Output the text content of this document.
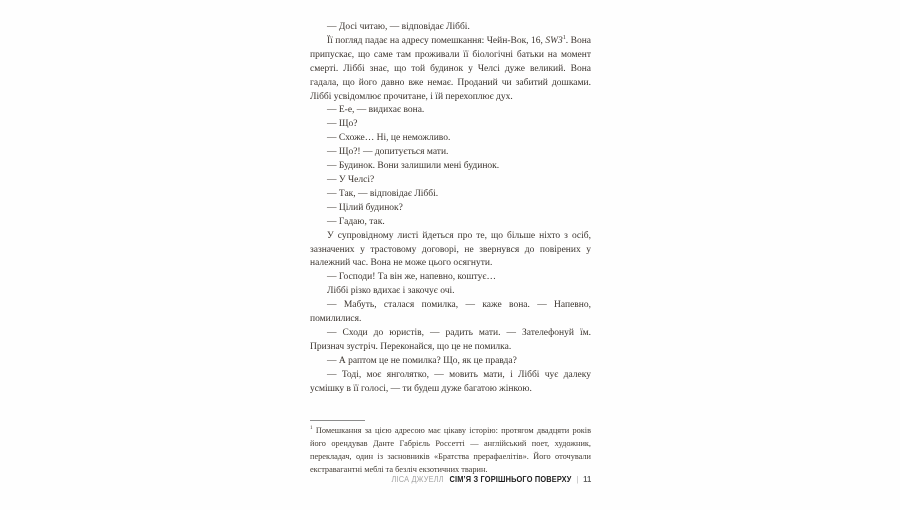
— Досі читаю, — відповідає Ліббі.

Її погляд падає на адресу помешкання: Чейн-Вок, 16, $SW3^1$. Вона припускає, що саме там проживали її біологічні батьки на момент смерті. Ліббі знає, що той будинок у Челсі дуже великий. Вона гадала, що його давно вже немає. Проданий чи забитий дошками. Ліббі усвідомлює прочитане, і їй перехоплює дух.

— Е-е, — видихає вона.

— Що?

— Схоже… Ні, це неможливо.

— Що?! — допитується мати.

— Будинок. Вони залишили мені будинок.

— У Челсі?

— Так, — відповідає Ліббі.

— Цілий будинок?

— Гадаю, так.

У супровідному листі йдеться про те, що більше ніхто з осіб, зазначених у трастовому договорі, не звернувся до повірених у належний час. Вона не може цього осягнути.

— Господи! Та він же, напевно, коштує…

Ліббі різко вдихає і закочує очі.

— Мабуть, сталася помилка, — каже вона. — Напевно, помилилися.

— Сходи до юристів, — радить мати. — Зателефонуй їм. Признач зустріч. Переконайся, що це не помилка.

— А раптом це не помилка? Що, як це правда?

— Тоді, моє янголятко, — мовить мати, і Ліббі чує далеку усмішку в її голосі, — ти будеш дуже багатою жінкою.

$^1$ Помешкання за цією адресою має цікаву історію: протягом двадцяти років його орендував Данте Габрієль Россетті — англійський поет, художник, перекладач, один із засновників «Братства прерафаелітів». Його оточували екстравагантні меблі та безліч екзотичних тварин.

ЛІСА ДЖУЕЛЛ СІМ’Я З ГОРІШНЬОГО ПОВЕРХУ | 11
